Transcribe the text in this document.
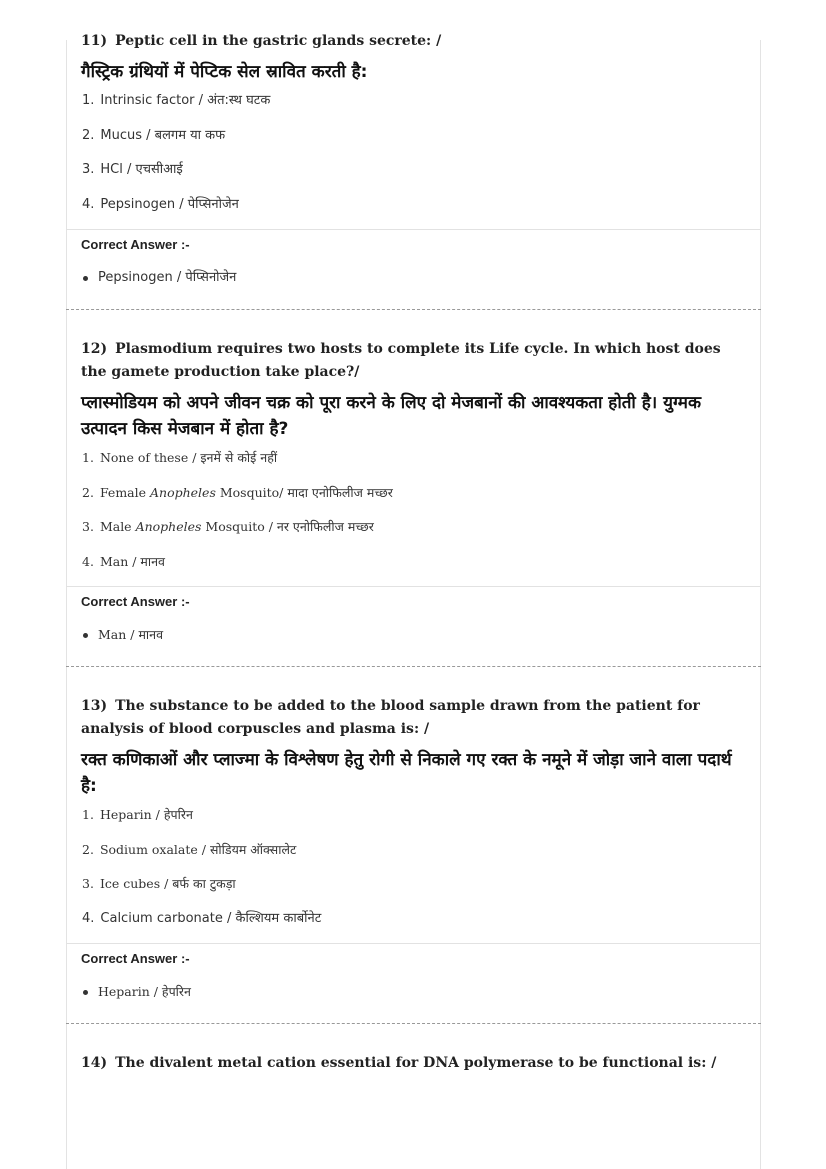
11) Peptic cell in the gastric glands secrete: /
गैस्ट्रिक ग्रंथियों में पेप्टिक सेल स्रावित करती है:
1. Intrinsic factor / अंत:स्थ घटक
2. Mucus / बलगम या कफ
3. HCl / एचसीआई
4. Pepsinogen / पेप्सिनोजेन
Correct Answer :-
Pepsinogen / पेप्सिनोजेन
12) Plasmodium requires two hosts to complete its Life cycle. In which host does the gamete production take place?/
प्लास्मोडियम को अपने जीवन चक्र को पूरा करने के लिए दो मेजबानों की आवश्यकता होती है। युग्मक उत्पादन किस मेजबान में होता है?
1. None of these / इनमें से कोई नहीं
2. Female Anopheles Mosquito/ मादा एनोफिलीज मच्छर
3. Male Anopheles Mosquito / नर एनोफिलीज मच्छर
4. Man / मानव
Correct Answer :-
Man / मानव
13) The substance to be added to the blood sample drawn from the patient for analysis of blood corpuscles and plasma is: /
रक्त कणिकाओं और प्लाज्मा के विश्लेषण हेतु रोगी से निकाले गए रक्त के नमूने में जोड़ा जाने वाला पदार्थ है:
1. Heparin / हेपरिन
2. Sodium oxalate / सोडियम ऑक्सालेट
3. Ice cubes / बर्फ का टुकड़ा
4. Calcium carbonate / कैल्शियम कार्बोनेट
Correct Answer :-
Heparin / हेपरिन
14) The divalent metal cation essential for DNA polymerase to be functional is: /
